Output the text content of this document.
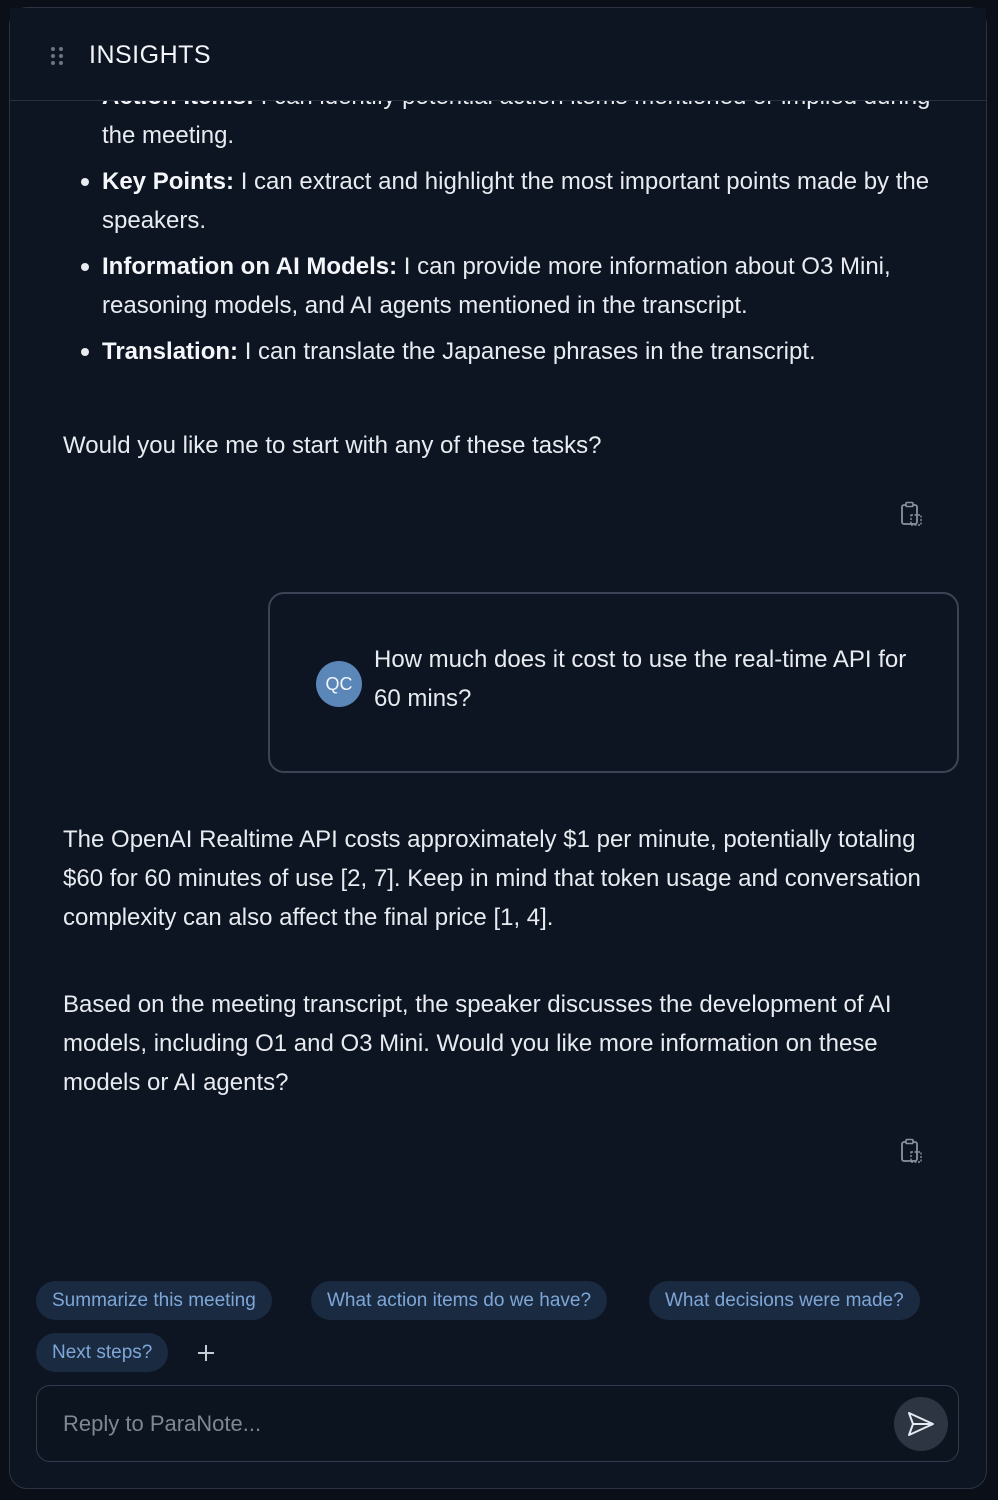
INSIGHTS
the meeting.
Key Points: I can extract and highlight the most important points made by the speakers.
Information on AI Models: I can provide more information about O3 Mini, reasoning models, and AI agents mentioned in the transcript.
Translation: I can translate the Japanese phrases in the transcript.
Would you like me to start with any of these tasks?
QC
How much does it cost to use the real-time API for 60 mins?
The OpenAI Realtime API costs approximately $1 per minute, potentially totaling $60 for 60 minutes of use [2, 7]. Keep in mind that token usage and conversation complexity can also affect the final price [1, 4].
Based on the meeting transcript, the speaker discusses the development of AI models, including O1 and O3 Mini. Would you like more information on these models or AI agents?
Summarize this meeting	What action items do we have?	What decisions were made?
Next steps?
Reply to ParaNote...
